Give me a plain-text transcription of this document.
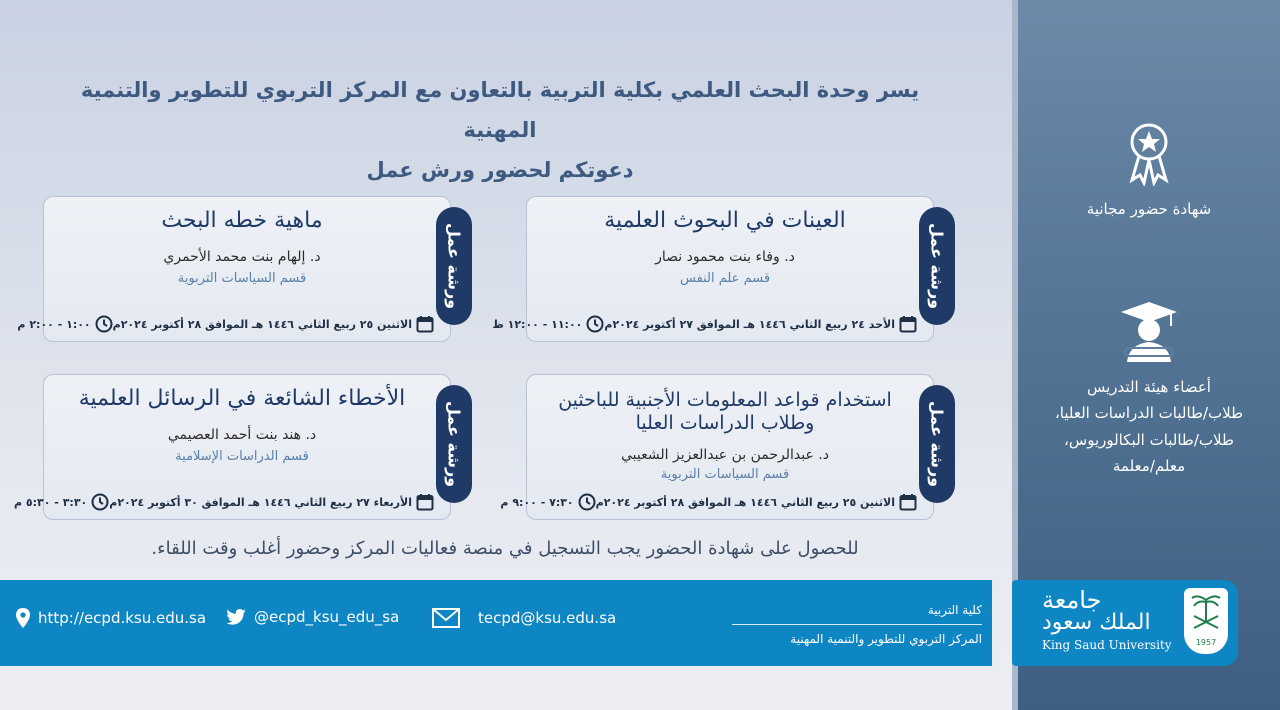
شهادة حضور مجانية
أعضاء هيئة التدريس
طلاب/طالبات الدراسات العليا،
طلاب/طالبات البكالوريوس،
معلم/معلمة
يسر وحدة البحث العلمي بكلية التربية بالتعاون مع المركز التربوي للتطوير والتنمية المهنية
دعوتكم لحضور ورش عمل
ورشة عمل
العينات في البحوث العلمية
د. وفاء بنت محمود نصار
قسم علم النفس
الأحد ٢٤ ربيع الثاني ١٤٤٦ هـ الموافق ٢٧ أكتوبر ٢٠٢٤م
١١:٠٠ - ١٢:٠٠ ظ
ورشة عمل
ماهية خطه البحث
د. إلهام بنت محمد الأحمري
قسم السياسات التربوية
الاثنين ٢٥ ربيع الثاني ١٤٤٦ هـ الموافق ٢٨ أكتوبر ٢٠٢٤م
١:٠٠ - ٢:٠٠ م
ورشة عمل
استخدام قواعد المعلومات الأجنبية للباحثين وطلاب الدراسات العليا
د. عبدالرحمن بن عبدالعزيز الشعيبي
قسم السياسات التربوية
الاثنين ٢٥ ربيع الثاني ١٤٤٦ هـ الموافق ٢٨ أكتوبر ٢٠٢٤م
٧:٣٠ - ٩:٠٠ م
ورشة عمل
الأخطاء الشائعة في الرسائل العلمية
د. هند بنت أحمد العصيمي
قسم الدراسات الإسلامية
الأربعاء ٢٧ ربيع الثاني ١٤٤٦ هـ الموافق ٣٠ أكتوبر ٢٠٢٤م
٣:٣٠ - ٥:٣٠ م
للحصول على شهادة الحضور يجب التسجيل في منصة فعاليات المركز وحضور أغلب وقت اللقاء.
http://ecpd.ksu.edu.sa	@ecpd_ksu_edu_sa	tecpd@ksu.edu.sa	كلية التربية
المركز التربوي للتطوير والتنمية المهنية
جامعة
الملك سعود
King Saud University	1957
